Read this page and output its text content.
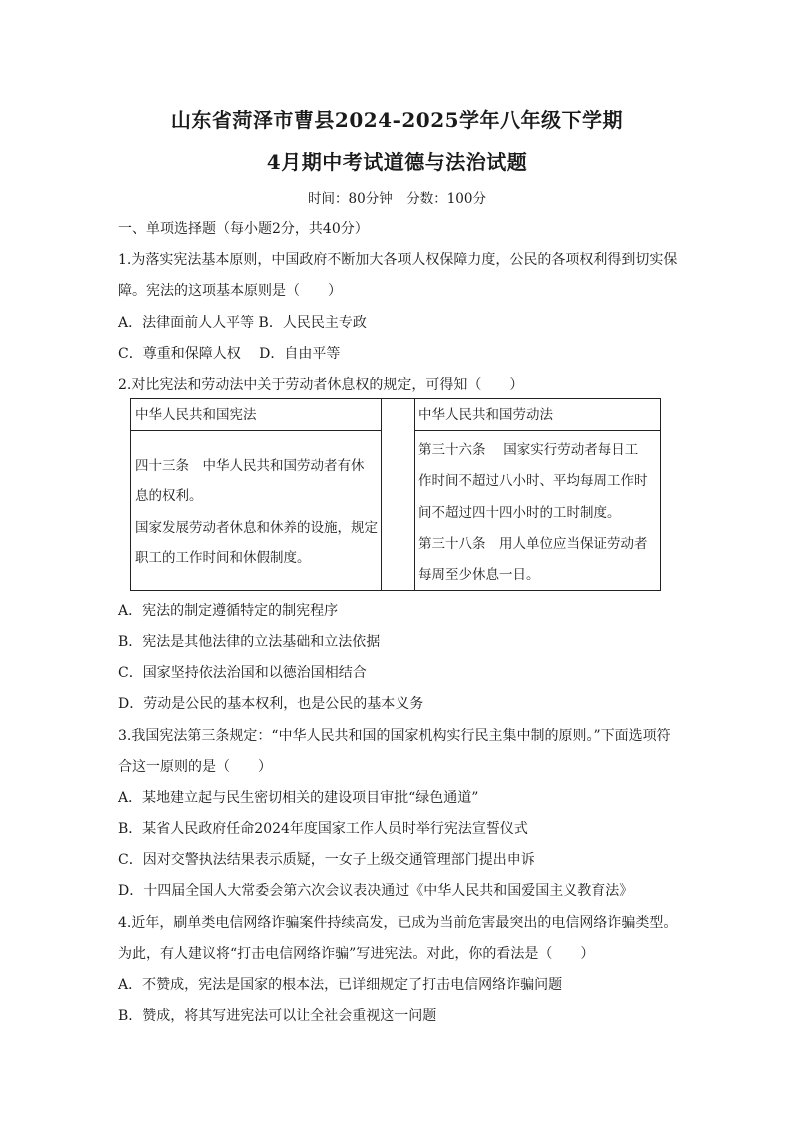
山东省菏泽市曹县2024-2025学年八年级下学期
4月期中考试道德与法治试题
时间：80分钟　分数：100分
一、单项选择题（每小题2分，共40分）
1.为落实宪法基本原则，中国政府不断加大各项人权保障力度，公民的各项权利得到切实保
障。宪法的这项基本原则是（　　）
A．法律面前人人平等 B．人民民主专政
C．尊重和保障人权　 D．自由平等
2.对比宪法和劳动法中关于劳动者休息权的规定，可得知（　　）
中华人民共和国宪法	中华人民共和国劳动法
四十三条　中华人民共和国劳动者有休
息的权利。
国家发展劳动者休息和休养的设施，规定
职工的工作时间和休假制度。
第三十六条　 国家实行劳动者每日工
作时间不超过八小时、平均每周工作时
间不超过四十四小时的工时制度。
第三十八条　用人单位应当保证劳动者
每周至少休息一日。
A．宪法的制定遵循特定的制宪程序
B．宪法是其他法律的立法基础和立法依据
C．国家坚持依法治国和以德治国相结合
D．劳动是公民的基本权利，也是公民的基本义务
3.我国宪法第三条规定：“中华人民共和国的国家机构实行民主集中制的原则。”下面选项符
合这一原则的是（　　）
A．某地建立起与民生密切相关的建设项目审批“绿色通道”
B．某省人民政府任命2024年度国家工作人员时举行宪法宣誓仪式
C．因对交警执法结果表示质疑，一女子上级交通管理部门提出申诉
D．十四届全国人大常委会第六次会议表决通过《中华人民共和国爱国主义教育法》
4.近年，刷单类电信网络诈骗案件持续高发，已成为当前危害最突出的电信网络诈骗类型。
为此，有人建议将“打击电信网络诈骗”写进宪法。对此，你的看法是（　　）
A．不赞成，宪法是国家的根本法，已详细规定了打击电信网络诈骗问题
B．赞成，将其写进宪法可以让全社会重视这一问题
